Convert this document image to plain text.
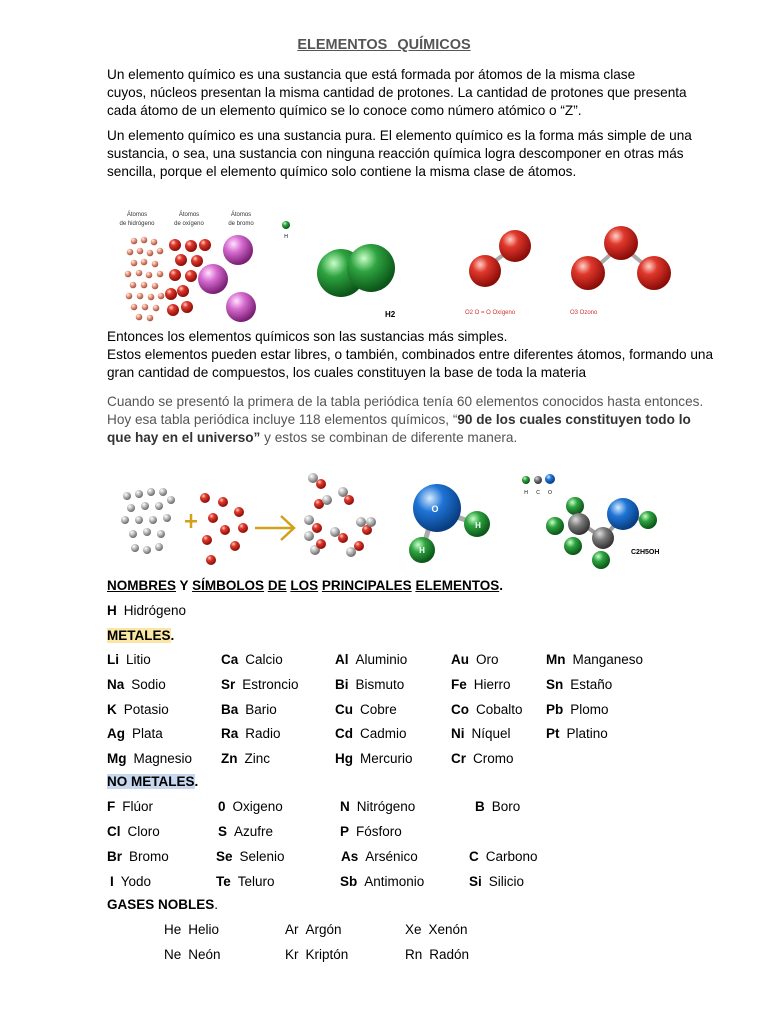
ELEMENTOS QUÍMICOS
Un elemento químico es una sustancia que está formada por átomos de la misma clase
cuyos, núcleos presentan la misma cantidad de protones. La cantidad de protones que presenta
cada átomo de un elemento químico se lo conoce como número atómico o “Z”.
Un elemento químico es una sustancia pura. El elemento químico es la forma más simple de una
sustancia, o sea, una sustancia con ninguna reacción química logra descomponer en otras más
sencilla, porque el elemento químico solo contiene la misma clase de átomos.
Átomos
de hidrógeno
Átomos
de oxígeno
Átomos
de bromo
H
H2	O2 O = O Oxígeno	O3 Ozono
Entonces los elementos químicos son las sustancias más simples.
Estos elementos pueden estar libres, o también, combinados entre diferentes átomos, formando una
gran cantidad de compuestos, los cuales constituyen la base de toda la materia
Cuando se presentó la primera de la tabla periódica tenía 60 elementos conocidos hasta entonces.
Hoy esa tabla periódica incluye 118 elementos químicos, “90 de los cuales constituyen todo lo
que hay en el universo” y estos se combinan de diferente manera.
O
H
H
H C O
C2H5OH
NOMBRES Y SÍMBOLOS DE LOS PRINCIPALES ELEMENTOS.
H Hidrógeno
METALES.
Li Litio	Ca Calcio	Al Aluminio	Au Oro	Mn Manganeso
Na Sodio	Sr Estroncio	Bi Bismuto	Fe Hierro	Sn Estaño
K Potasio	Ba Bario	Cu Cobre	Co Cobalto Pb Plomo
Ag Plata	Ra Radio	Cd Cadmio	Ni Níquel	Pt Platino
Mg Magnesio Zn Zinc	Hg Mercurio	Cr Cromo
NO METALES.
F Flúor	0 Oxigeno	N Nitrógeno	B Boro
Cl Cloro	S Azufre	P Fósforo
Br Bromo	Se Selenio	As Arsénico	C Carbono
I Yodo	Te Teluro	Sb Antimonio	Si Silicio
GASES NOBLES.
He Helio	Ar Argón	Xe Xenón
Ne Neón	Kr Kriptón	Rn Radón
